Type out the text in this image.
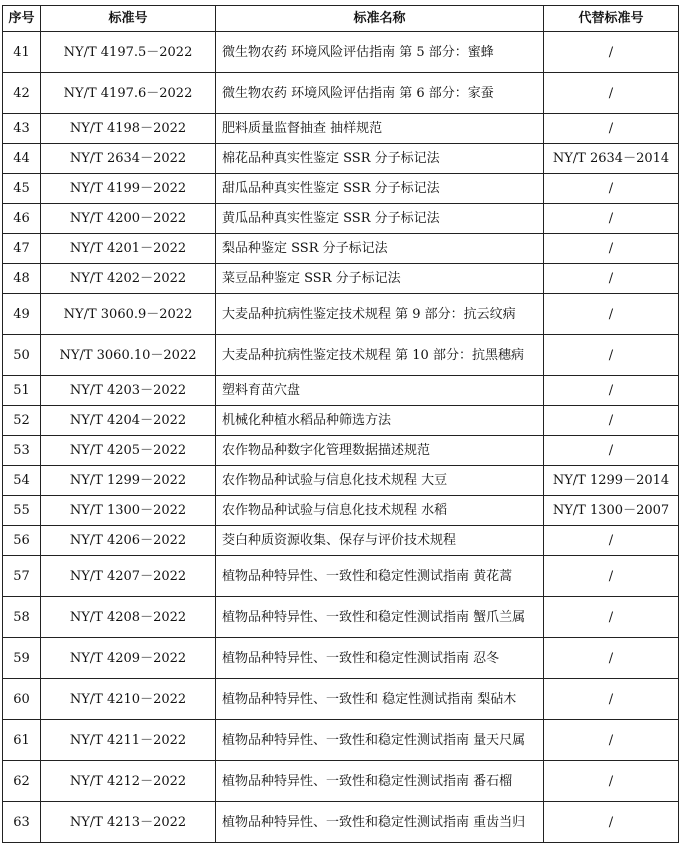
序号	标准号	标准名称	代替标准号
41	NY/T 4197.5－2022	微生物农药 环境风险评估指南 第 5 部分：蜜蜂	/
42	NY/T 4197.6－2022	微生物农药 环境风险评估指南 第 6 部分：家蚕	/
43	NY/T 4198－2022	肥料质量监督抽查 抽样规范	/
44	NY/T 2634－2022	棉花品种真实性鉴定 SSR 分子标记法	NY/T 2634－2014
45	NY/T 4199－2022	甜瓜品种真实性鉴定 SSR 分子标记法	/
46	NY/T 4200－2022	黄瓜品种真实性鉴定 SSR 分子标记法	/
47	NY/T 4201－2022	梨品种鉴定 SSR 分子标记法	/
48	NY/T 4202－2022	菜豆品种鉴定 SSR 分子标记法	/
49	NY/T 3060.9－2022	大麦品种抗病性鉴定技术规程 第 9 部分：抗云纹病	/
50	NY/T 3060.10－2022	大麦品种抗病性鉴定技术规程 第 10 部分：抗黑穗病	/
51	NY/T 4203－2022	塑料育苗穴盘	/
52	NY/T 4204－2022	机械化种植水稻品种筛选方法	/
53	NY/T 4205－2022	农作物品种数字化管理数据描述规范	/
54	NY/T 1299－2022	农作物品种试验与信息化技术规程 大豆	NY/T 1299－2014
55	NY/T 1300－2022	农作物品种试验与信息化技术规程 水稻	NY/T 1300－2007
56	NY/T 4206－2022	茭白种质资源收集、保存与评价技术规程	/
57	NY/T 4207－2022	植物品种特异性、一致性和稳定性测试指南 黄花蒿	/
58	NY/T 4208－2022	植物品种特异性、一致性和稳定性测试指南 蟹爪兰属	/
59	NY/T 4209－2022	植物品种特异性、一致性和稳定性测试指南 忍冬	/
60	NY/T 4210－2022	植物品种特异性、一致性和 稳定性测试指南 梨砧木	/
61	NY/T 4211－2022	植物品种特异性、一致性和稳定性测试指南 量天尺属	/
62	NY/T 4212－2022	植物品种特异性、一致性和稳定性测试指南 番石榴	/
63	NY/T 4213－2022	植物品种特异性、一致性和稳定性测试指南 重齿当归	/
